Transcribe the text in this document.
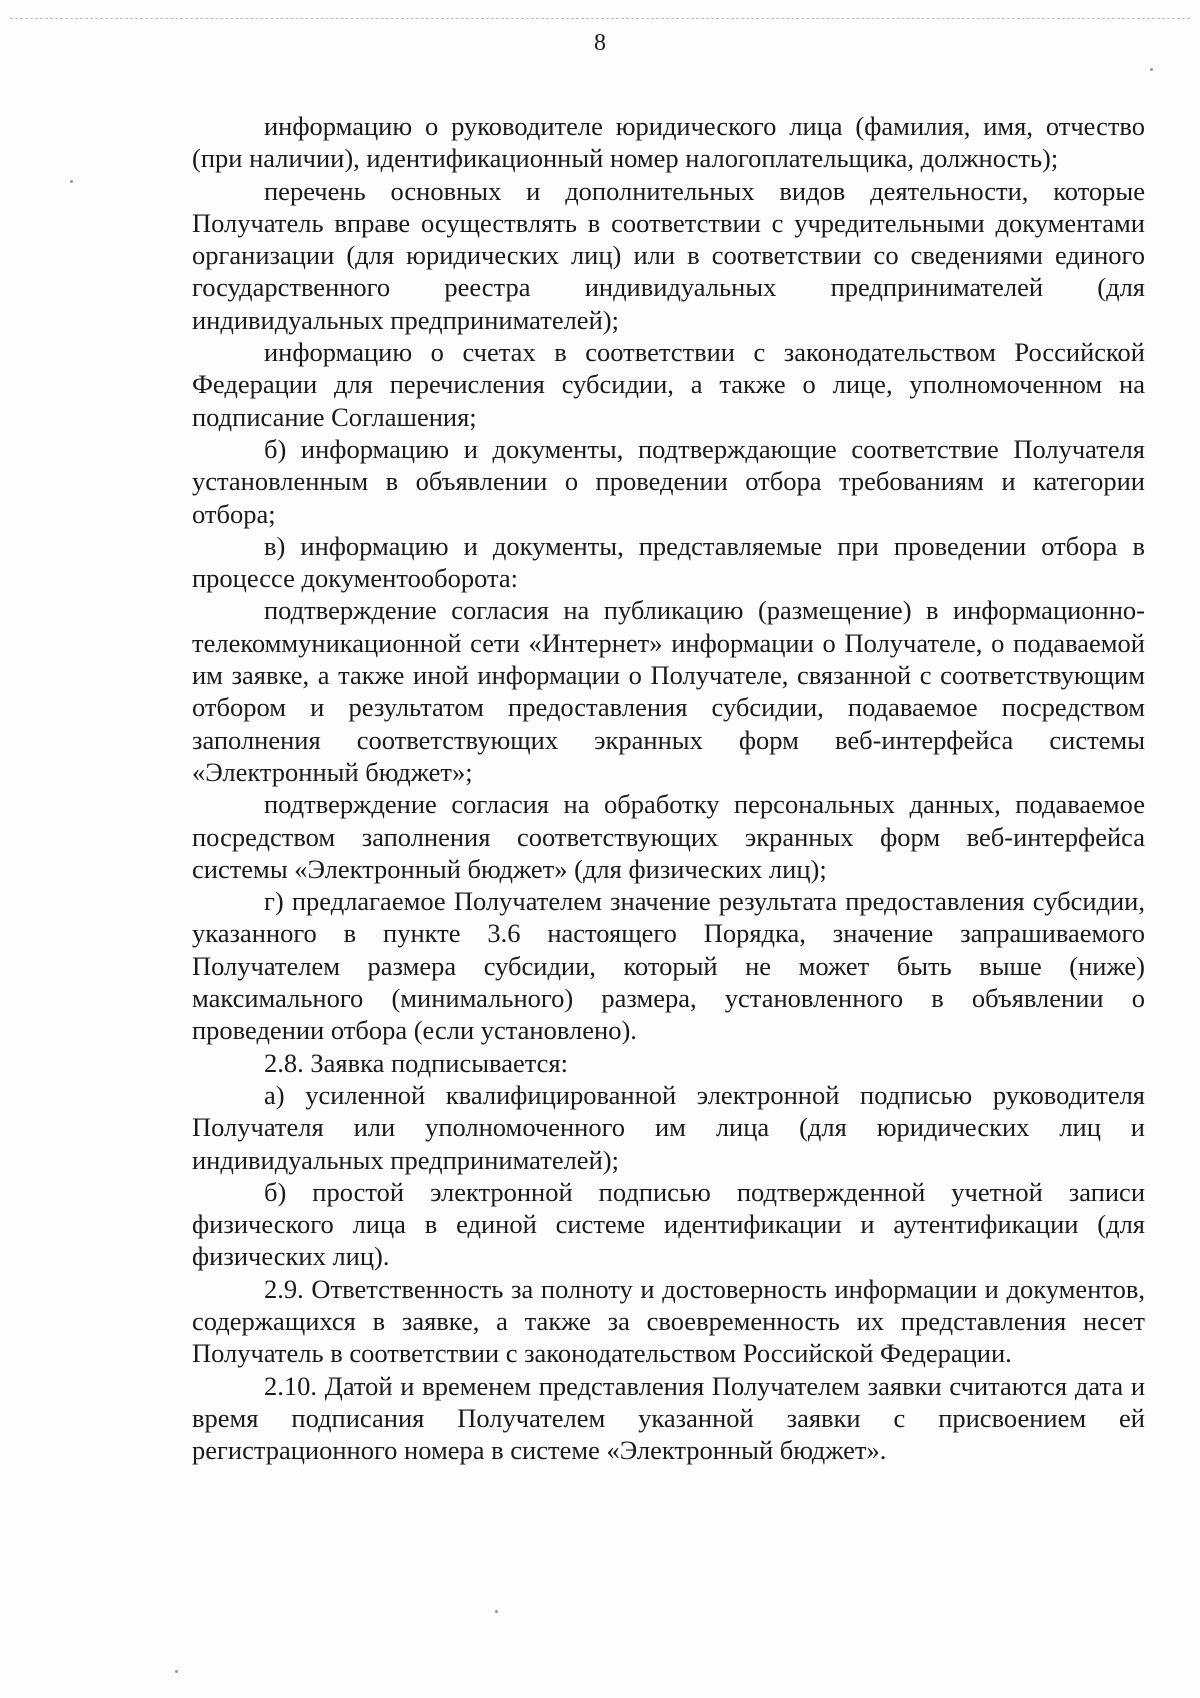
8

информацию о руководителе юридического лица (фамилия, имя, отчество (при наличии), идентификационный номер налогоплательщика, должность);

перечень основных и дополнительных видов деятельности, которые Получатель вправе осуществлять в соответствии с учредительными документами организации (для юридических лиц) или в соответствии со сведениями единого государственного реестра индивидуальных предпринимателей (для индивидуальных предпринимателей);

информацию о счетах в соответствии с законодательством Российской Федерации для перечисления субсидии, а также о лице, уполномоченном на подписание Соглашения;

б) информацию и документы, подтверждающие соответствие Получателя установленным в объявлении о проведении отбора требованиям и категории отбора;

в) информацию и документы, представляемые при проведении отбора в процессе документооборота:

подтверждение согласия на публикацию (размещение) в информационно-телекоммуникационной сети «Интернет» информации о Получателе, о подаваемой им заявке, а также иной информации о Получателе, связанной с соответствующим отбором и результатом предоставления субсидии, подаваемое посредством заполнения соответствующих экранных форм веб-интерфейса системы «Электронный бюджет»;

подтверждение согласия на обработку персональных данных, подаваемое посредством заполнения соответствующих экранных форм веб-интерфейса системы «Электронный бюджет» (для физических лиц);

г) предлагаемое Получателем значение результата предоставления субсидии, указанного в пункте 3.6 настоящего Порядка, значение запрашиваемого Получателем размера субсидии, который не может быть выше (ниже) максимального (минимального) размера, установленного в объявлении о проведении отбора (если установлено).

2.8. Заявка подписывается:

а) усиленной квалифицированной электронной подписью руководителя Получателя или уполномоченного им лица (для юридических лиц и индивидуальных предпринимателей);

б) простой электронной подписью подтвержденной учетной записи физического лица в единой системе идентификации и аутентификации (для физических лиц).

2.9. Ответственность за полноту и достоверность информации и документов, содержащихся в заявке, а также за своевременность их представления несет Получатель в соответствии с законодательством Российской Федерации.

2.10. Датой и временем представления Получателем заявки считаются дата и время подписания Получателем указанной заявки с присвоением ей регистрационного номера в системе «Электронный бюджет».
